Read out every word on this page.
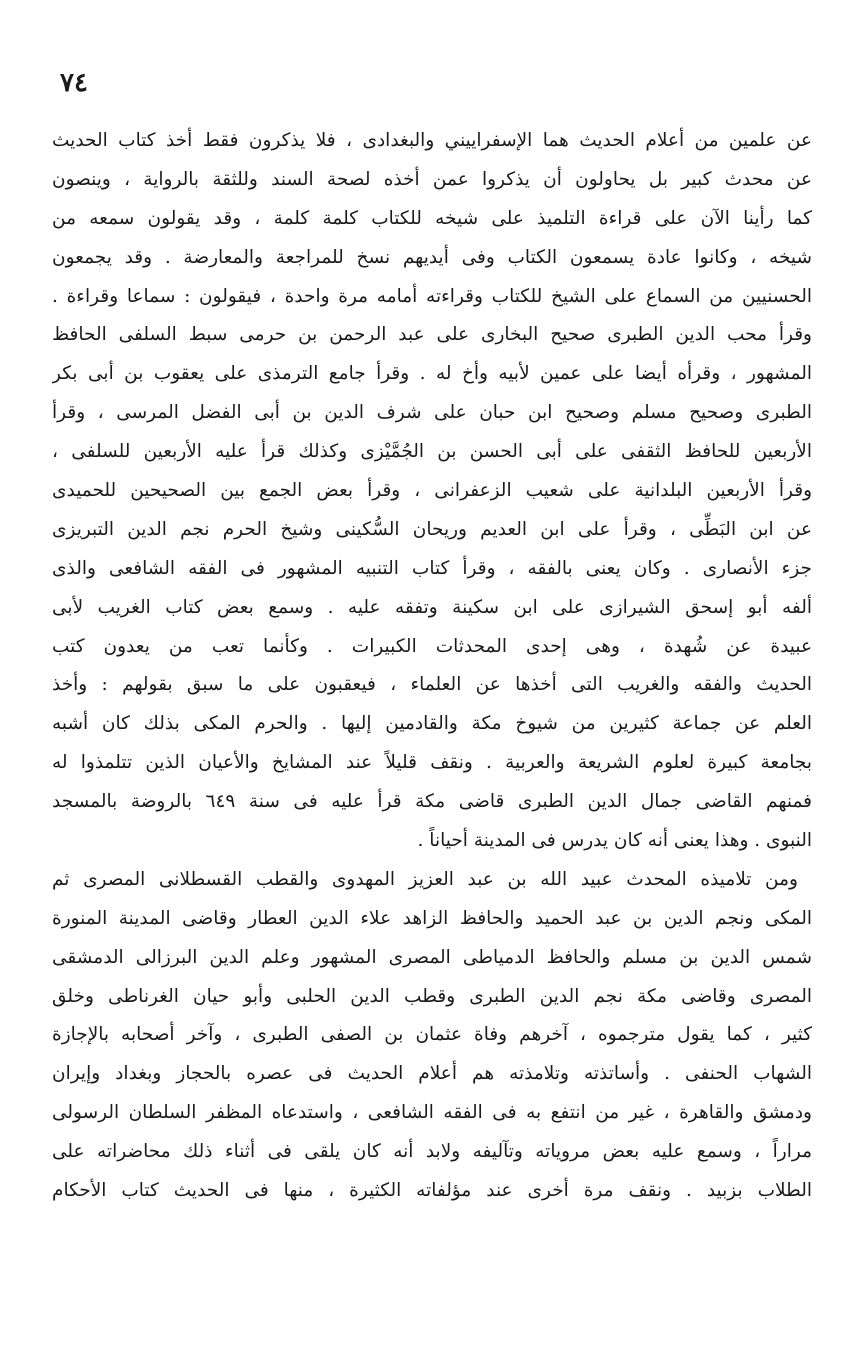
٧٤
عن علمين من أعلام الحديث هما الإسفراييني والبغدادى ، فلا يذكرون فقط أخذ كتاب الحديث
عن محدث كبير بل يحاولون أن يذكروا عمن أخذه لصحة السند وللثقة بالرواية ، وينصون
كما رأينا الآن على قراءة التلميذ على شيخه للكتاب كلمة كلمة ، وقد يقولون سمعه من
شيخه ، وكانوا عادة يسمعون الكتاب وفى أيديهم نسخ للمراجعة والمعارضة . وقد يجمعون
الحسنيين من السماع على الشيخ للكتاب وقراءته أمامه مرة واحدة ، فيقولون : سماعا وقراءة .
وقرأ محب الدين الطبرى صحيح البخارى على عبد الرحمن بن حرمى سبط السلفى الحافظ
المشهور ، وقرأه أيضا على عمين لأبيه وأخ له . وقرأ جامع الترمذى على يعقوب بن أبى بكر
الطبرى وصحيح مسلم وصحيح ابن حبان على شرف الدين بن أبى الفضل المرسى ، وقرأ
الأربعين للحافظ الثقفى على أبى الحسن بن الجُمَّيْزى وكذلك قرأ عليه الأربعين للسلفى ،
وقرأ الأربعين البلدانية على شعيب الزعفرانى ، وقرأ بعض الجمع بين الصحيحين للحميدى
عن ابن البَطِّى ، وقرأ على ابن العديم وريحان السُّكينى وشيخ الحرم نجم الدين التبريزى
جزء الأنصارى . وكان يعنى بالفقه ، وقرأ كتاب التنبيه المشهور فى الفقه الشافعى والذى
ألفه أبو إسحق الشيرازى على ابن سكينة وتفقه عليه . وسمع بعض كتاب الغريب لأبى
عبيدة عن شُهدة ، وهى إحدى المحدثات الكبيرات . وكأنما تعب من يعدون كتب
الحديث والفقه والغريب التى أخذها عن العلماء ، فيعقبون على ما سبق بقولهم : وأخذ
العلم عن جماعة كثيرين من شيوخ مكة والقادمين إليها . والحرم المكى بذلك كان أشبه
بجامعة كبيرة لعلوم الشريعة والعربية . ونقف قليلاً عند المشايخ والأعيان الذين تتلمذوا له
فمنهم القاضى جمال الدين الطبرى قاضى مكة قرأ عليه فى سنة ٦٤٩ بالروضة بالمسجد
النبوى . وهذا يعنى أنه كان يدرس فى المدينة أحياناً .
ومن تلاميذه المحدث عبيد الله بن عبد العزيز المهدوى والقطب القسطلانى المصرى ثم
المكى ونجم الدين بن عبد الحميد والحافظ الزاهد علاء الدين العطار وقاضى المدينة المنورة
شمس الدين بن مسلم والحافظ الدمياطى المصرى المشهور وعلم الدين البرزالى الدمشقى
المصرى وقاضى مكة نجم الدين الطبرى وقطب الدين الحلبى وأبو حيان الغرناطى وخلق
كثير ، كما يقول مترجموه ، آخرهم وفاة عثمان بن الصفى الطبرى ، وآخر أصحابه بالإجازة
الشهاب الحنفى . وأساتذته وتلامذته هم أعلام الحديث فى عصره بالحجاز وبغداد وإيران
ودمشق والقاهرة ، غير من انتفع به فى الفقه الشافعى ، واستدعاه المظفر السلطان الرسولى
مراراً ، وسمع عليه بعض مروياته وتآليفه ولابد أنه كان يلقى فى أثناء ذلك محاضراته على
الطلاب بزبيد . ونقف مرة أخرى عند مؤلفاته الكثيرة ، منها فى الحديث كتاب الأحكام
